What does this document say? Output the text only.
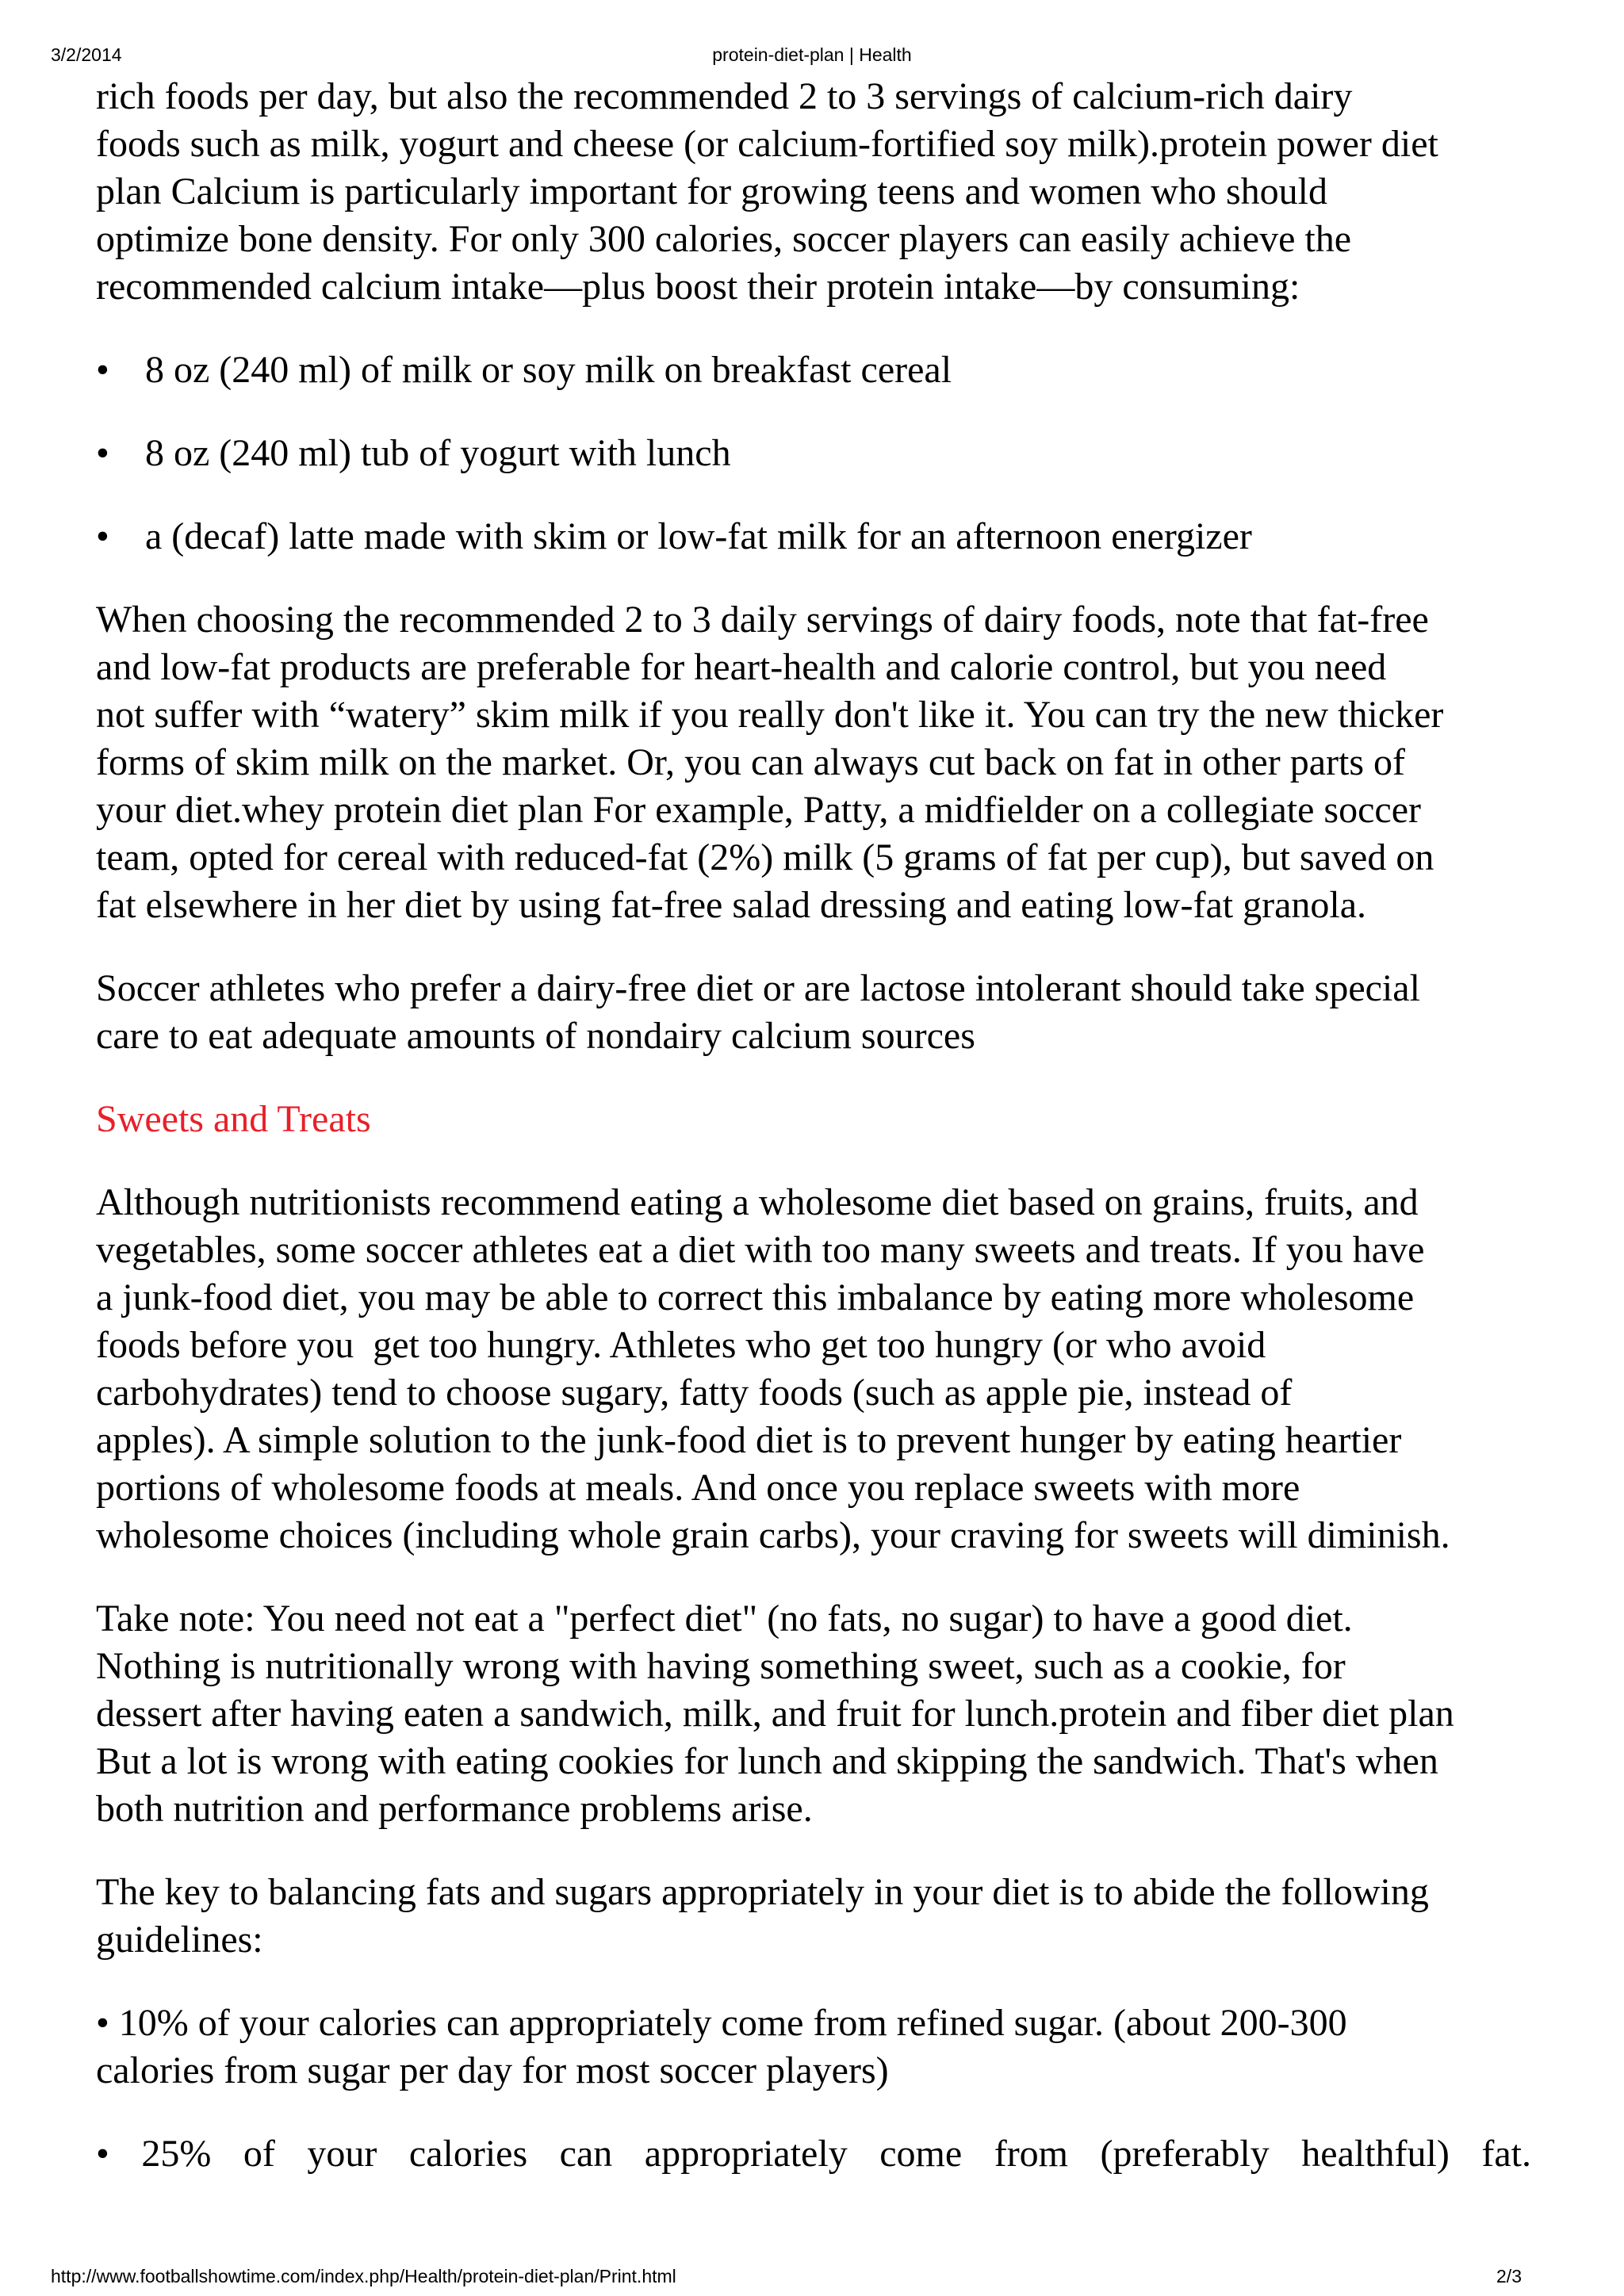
3/2/2014	protein-diet-plan | Health

rich foods per day, but also the recommended 2 to 3 servings of calcium-rich dairy
foods such as milk, yogurt and cheese (or calcium-fortified soy milk).protein power diet
plan Calcium is particularly important for growing teens and women who should
optimize bone density. For only 300 calories, soccer players can easily achieve the
recommended calcium intake—plus boost their protein intake—by consuming:

• 8 oz (240 ml) of milk or soy milk on breakfast cereal
• 8 oz (240 ml) tub of yogurt with lunch
• a (decaf) latte made with skim or low-fat milk for an afternoon energizer

When choosing the recommended 2 to 3 daily servings of dairy foods, note that fat-free
and low-fat products are preferable for heart-health and calorie control, but you need
not suffer with “watery” skim milk if you really don't like it. You can try the new thicker
forms of skim milk on the market. Or, you can always cut back on fat in other parts of
your diet.whey protein diet plan For example, Patty, a midfielder on a collegiate soccer
team, opted for cereal with reduced-fat (2%) milk (5 grams of fat per cup), but saved on
fat elsewhere in her diet by using fat-free salad dressing and eating low-fat granola.

Soccer athletes who prefer a dairy-free diet or are lactose intolerant should take special
care to eat adequate amounts of nondairy calcium sources

Sweets and Treats

Although nutritionists recommend eating a wholesome diet based on grains, fruits, and
vegetables, some soccer athletes eat a diet with too many sweets and treats. If you have
a junk-food diet, you may be able to correct this imbalance by eating more wholesome
foods before you  get too hungry. Athletes who get too hungry (or who avoid
carbohydrates) tend to choose sugary, fatty foods (such as apple pie, instead of
apples). A simple solution to the junk-food diet is to prevent hunger by eating heartier
portions of wholesome foods at meals. And once you replace sweets with more
wholesome choices (including whole grain carbs), your craving for sweets will diminish.

Take note: You need not eat a "perfect diet" (no fats, no sugar) to have a good diet.
Nothing is nutritionally wrong with having something sweet, such as a cookie, for
dessert after having eaten a sandwich, milk, and fruit for lunch.protein and fiber diet plan
But a lot is wrong with eating cookies for lunch and skipping the sandwich. That's when
both nutrition and performance problems arise.

The key to balancing fats and sugars appropriately in your diet is to abide the following
guidelines:

• 10% of your calories can appropriately come from refined sugar. (about 200-300
calories from sugar per day for most soccer players)

• 25% of your calories can appropriately come from (preferably healthful) fat.

http://www.footballshowtime.com/index.php/Health/protein-diet-plan/Print.html	2/3
